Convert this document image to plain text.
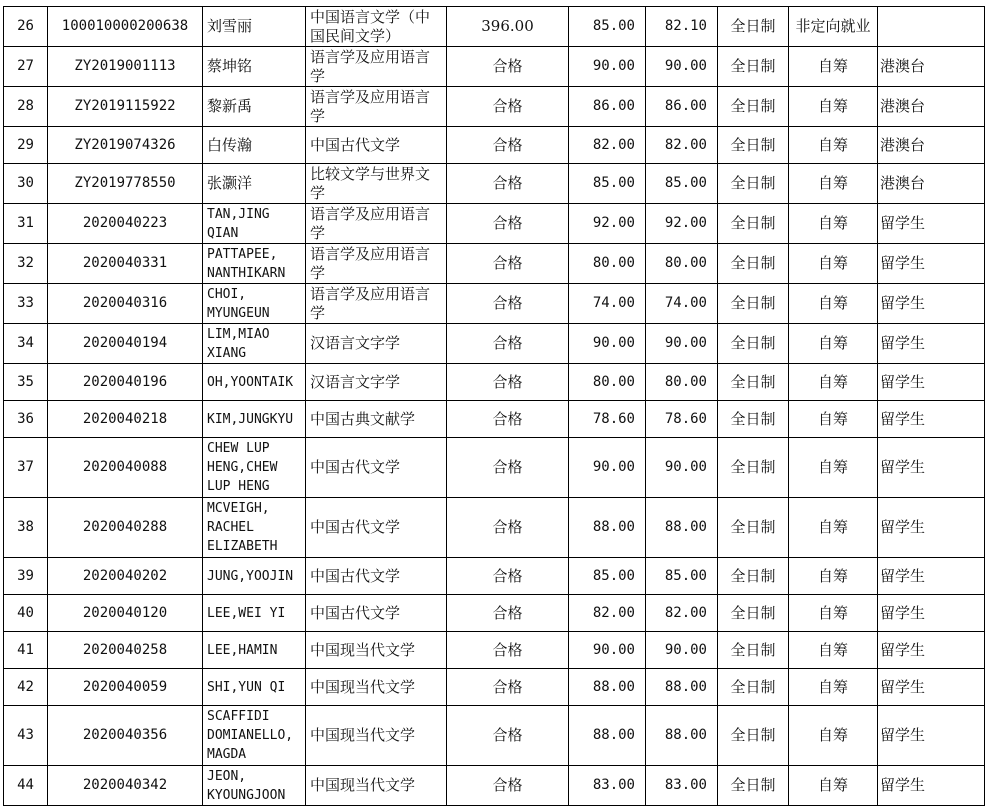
26	100010000200638	刘雪丽	中国语言文学（中
国民间文学）	396.00	85.00	82.10	全日制	非定向就业	
27	ZY2019001113	蔡坤铭	语言学及应用语言
学	合格	90.00	90.00	全日制	自筹	港澳台
28	ZY2019115922	黎新禹	语言学及应用语言
学	合格	86.00	86.00	全日制	自筹	港澳台
29	ZY2019074326	白传瀚	中国古代文学	合格	82.00	82.00	全日制	自筹	港澳台
30	ZY2019778550	张灏洋	比较文学与世界文
学	合格	85.00	85.00	全日制	自筹	港澳台
31	2020040223	TAN,JING
QIAN	语言学及应用语言
学	合格	92.00	92.00	全日制	自筹	留学生
32	2020040331	PATTAPEE,
NANTHIKARN	语言学及应用语言
学	合格	80.00	80.00	全日制	自筹	留学生
33	2020040316	CHOI,
MYUNGEUN	语言学及应用语言
学	合格	74.00	74.00	全日制	自筹	留学生
34	2020040194	LIM,MIAO
XIANG	汉语言文字学	合格	90.00	90.00	全日制	自筹	留学生
35	2020040196	OH,YOONTAIK	汉语言文字学	合格	80.00	80.00	全日制	自筹	留学生
36	2020040218	KIM,JUNGKYU	中国古典文献学	合格	78.60	78.60	全日制	自筹	留学生
37	2020040088	CHEW LUP
HENG,CHEW
LUP HENG	中国古代文学	合格	90.00	90.00	全日制	自筹	留学生
38	2020040288	MCVEIGH,
RACHEL
ELIZABETH	中国古代文学	合格	88.00	88.00	全日制	自筹	留学生
39	2020040202	JUNG,YOOJIN	中国古代文学	合格	85.00	85.00	全日制	自筹	留学生
40	2020040120	LEE,WEI YI	中国古代文学	合格	82.00	82.00	全日制	自筹	留学生
41	2020040258	LEE,HAMIN	中国现当代文学	合格	90.00	90.00	全日制	自筹	留学生
42	2020040059	SHI,YUN QI	中国现当代文学	合格	88.00	88.00	全日制	自筹	留学生
43	2020040356	SCAFFIDI
DOMIANELLO,
MAGDA	中国现当代文学	合格	88.00	88.00	全日制	自筹	留学生
44	2020040342	JEON,
KYOUNGJOON	中国现当代文学	合格	83.00	83.00	全日制	自筹	留学生
